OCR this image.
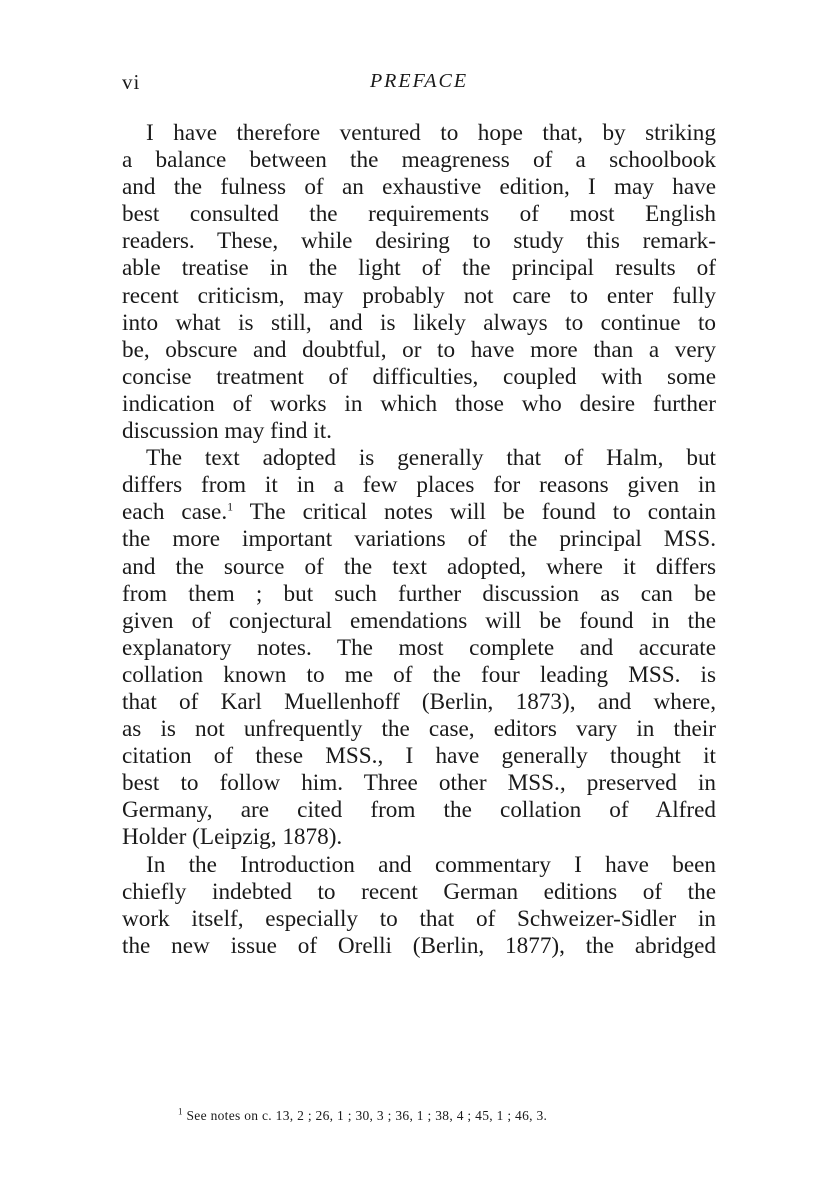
vi	PREFACE
I have therefore ventured to hope that, by striking
a balance between the meagreness of a schoolbook
and the fulness of an exhaustive edition, I may have
best consulted the requirements of most English
readers. These, while desiring to study this remark-
able treatise in the light of the principal results of
recent criticism, may probably not care to enter fully
into what is still, and is likely always to continue to
be, obscure and doubtful, or to have more than a very
concise treatment of difficulties, coupled with some
indication of works in which those who desire further
discussion may find it.
The text adopted is generally that of Halm, but
differs from it in a few places for reasons given in
each case.$^1$ The critical notes will be found to contain
the more important variations of the principal MSS.
and the source of the text adopted, where it differs
from them ; but such further discussion as can be
given of conjectural emendations will be found in the
explanatory notes. The most complete and accurate
collation known to me of the four leading MSS. is
that of Karl Muellenhoff (Berlin, 1873), and where,
as is not unfrequently the case, editors vary in their
citation of these MSS., I have generally thought it
best to follow him. Three other MSS., preserved in
Germany, are cited from the collation of Alfred
Holder (Leipzig, 1878).
In the Introduction and commentary I have been
chiefly indebted to recent German editions of the
work itself, especially to that of Schweizer-Sidler in
the new issue of Orelli (Berlin, 1877), the abridged
$^1$ See notes on c. 13, 2 ; 26, 1 ; 30, 3 ; 36, 1 ; 38, 4 ; 45, 1 ; 46, 3.
